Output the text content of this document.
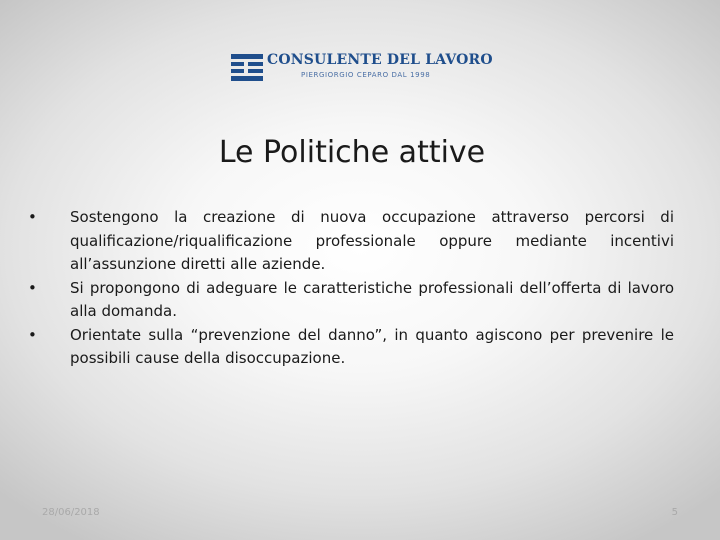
CONSULENTE DEL LAVORO
PIERGIORGIO CEPARO DAL 1998
Le Politiche attive
•	Sostengono la creazione di nuova occupazione attraverso percorsi di qualificazione/riqualificazione professionale oppure mediante incentivi all’assunzione diretti alle aziende.
•	Si propongono di adeguare le caratteristiche professionali dell’offerta di lavoro alla domanda.
•	Orientate sulla “prevenzione del danno”, in quanto agiscono per prevenire le possibili cause della disoccupazione.
28/06/2018	5
